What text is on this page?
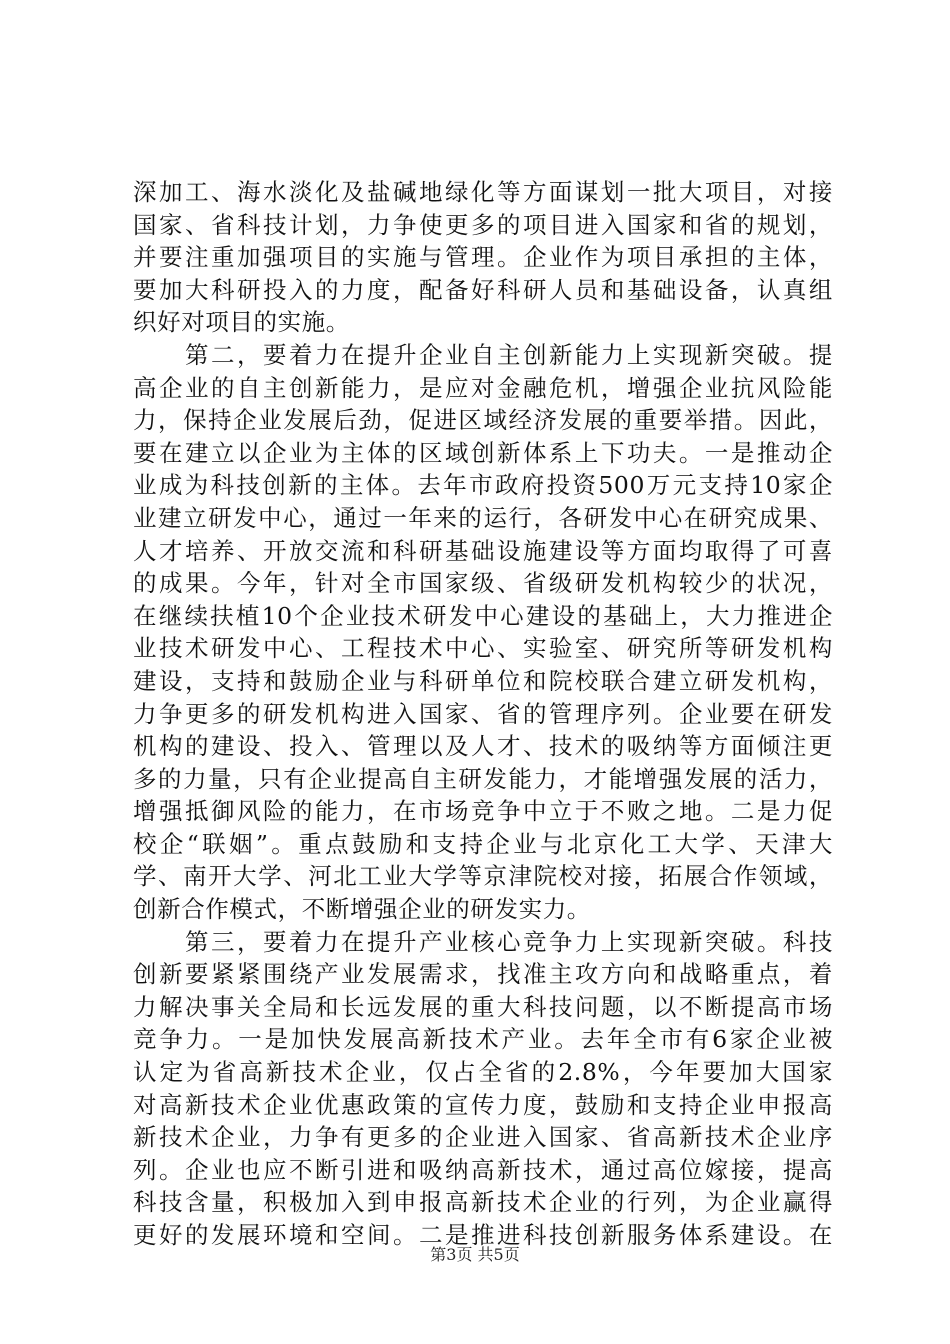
深加工、海水淡化及盐碱地绿化等方面谋划一批大项目，对接
国家、省科技计划，力争使更多的项目进入国家和省的规划，
并要注重加强项目的实施与管理。企业作为项目承担的主体，
要加大科研投入的力度，配备好科研人员和基础设备，认真组
织好对项目的实施。
　　第二，要着力在提升企业自主创新能力上实现新突破。提
高企业的自主创新能力，是应对金融危机，增强企业抗风险能
力，保持企业发展后劲，促进区域经济发展的重要举措。因此，
要在建立以企业为主体的区域创新体系上下功夫。一是推动企
业成为科技创新的主体。去年市政府投资500万元支持10家企
业建立研发中心，通过一年来的运行，各研发中心在研究成果、
人才培养、开放交流和科研基础设施建设等方面均取得了可喜
的成果。今年，针对全市国家级、省级研发机构较少的状况，
在继续扶植10个企业技术研发中心建设的基础上，大力推进企
业技术研发中心、工程技术中心、实验室、研究所等研发机构
建设，支持和鼓励企业与科研单位和院校联合建立研发机构，
力争更多的研发机构进入国家、省的管理序列。企业要在研发
机构的建设、投入、管理以及人才、技术的吸纳等方面倾注更
多的力量，只有企业提高自主研发能力，才能增强发展的活力，
增强抵御风险的能力，在市场竞争中立于不败之地。二是力促
校企“联姻”。重点鼓励和支持企业与北京化工大学、天津大
学、南开大学、河北工业大学等京津院校对接，拓展合作领域，
创新合作模式，不断增强企业的研发实力。
　　第三，要着力在提升产业核心竞争力上实现新突破。科技
创新要紧紧围绕产业发展需求，找准主攻方向和战略重点，着
力解决事关全局和长远发展的重大科技问题，以不断提高市场
竞争力。一是加快发展高新技术产业。去年全市有6家企业被
认定为省高新技术企业，仅占全省的2.8%，今年要加大国家
对高新技术企业优惠政策的宣传力度，鼓励和支持企业申报高
新技术企业，力争有更多的企业进入国家、省高新技术企业序
列。企业也应不断引进和吸纳高新技术，通过高位嫁接，提高
科技含量，积极加入到申报高新技术企业的行列，为企业赢得
更好的发展环境和空间。二是推进科技创新服务体系建设。在
第3页 共5页
